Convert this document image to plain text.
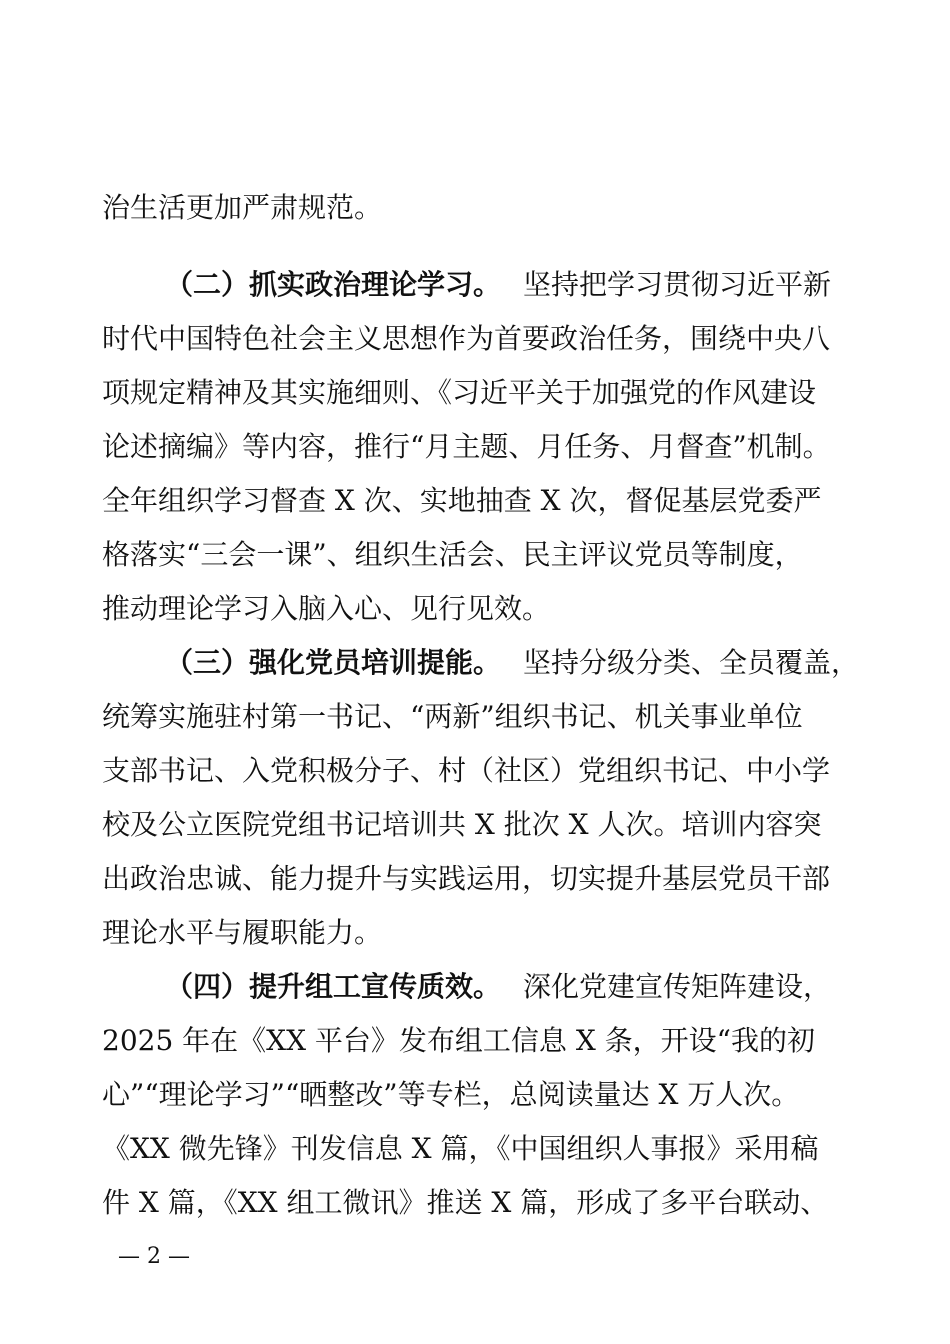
治生活更加严肃规范。
（二）抓实政治理论学习。 坚持把学习贯彻习近平新
时代中国特色社会主义思想作为首要政治任务，围绕中央八
项规定精神及其实施细则、《习近平关于加强党的作风建设
论述摘编》等内容，推行“月主题、月任务、月督查”机制。
全年组织学习督查 X 次、实地抽查 X 次，督促基层党委严
格落实“三会一课”、组织生活会、民主评议党员等制度，
推动理论学习入脑入心、见行见效。
（三）强化党员培训提能。 坚持分级分类、全员覆盖，
统筹实施驻村第一书记、“两新”组织书记、机关事业单位
支部书记、入党积极分子、村（社区）党组织书记、中小学
校及公立医院党组书记培训共 X 批次 X 人次。培训内容突
出政治忠诚、能力提升与实践运用，切实提升基层党员干部
理论水平与履职能力。
（四）提升组工宣传质效。 深化党建宣传矩阵建设，
2025 年在《XX 平台》发布组工信息 X 条，开设“我的初
心”“理论学习”“晒整改”等专栏，总阅读量达 X 万人次。
《XX 微先锋》刊发信息 X 篇，《中国组织人事报》采用稿
件 X 篇，《XX 组工微讯》推送 X 篇，形成了多平台联动、
— 2 —
